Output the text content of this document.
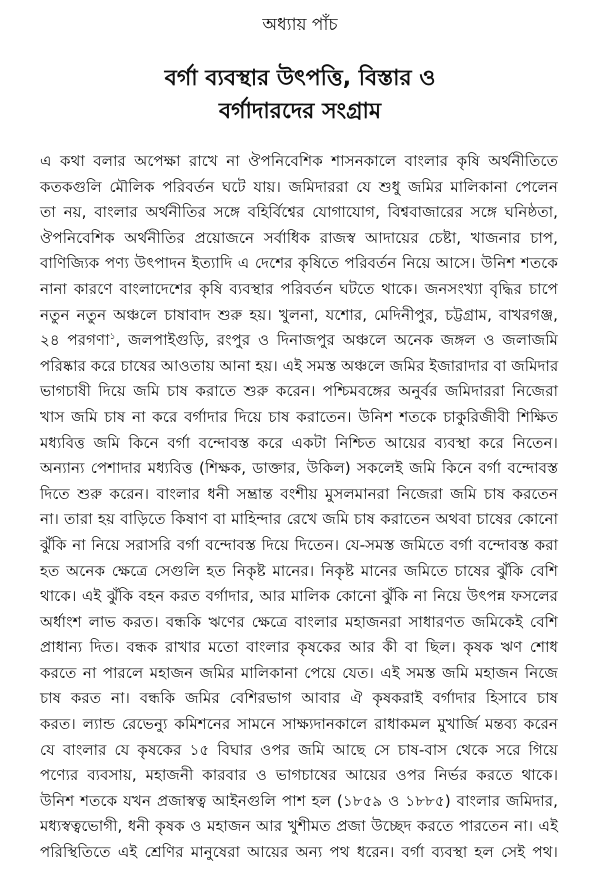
অধ্যায় পাঁচ
বর্গা ব্যবস্থার উৎপত্তি, বিস্তার ও
বর্গাদারদের সংগ্রাম
এ কথা বলার অপেক্ষা রাখে না ঔপনিবেশিক শাসনকালে বাংলার কৃষি অর্থনীতিতে
কতকগুলি মৌলিক পরিবর্তন ঘটে যায়। জমিদাররা যে শুধু জমির মালিকানা পেলেন
তা নয়, বাংলার অর্থনীতির সঙ্গে বহির্বিশ্বের যোগাযোগ, বিশ্ববাজারের সঙ্গে ঘনিষ্ঠতা,
ঔপনিবেশিক অর্থনীতির প্রয়োজনে সর্বাধিক রাজস্ব আদায়ের চেষ্টা, খাজনার চাপ,
বাণিজ্যিক পণ্য উৎপাদন ইত্যাদি এ দেশের কৃষিতে পরিবর্তন নিয়ে আসে। উনিশ শতকে
নানা কারণে বাংলাদেশের কৃষি ব্যবস্থার পরিবর্তন ঘটতে থাকে। জনসংখ্যা বৃদ্ধির চাপে
নতুন নতুন অঞ্চলে চাষাবাদ শুরু হয়। খুলনা, যশোর, মেদিনীপুর, চট্টগ্রাম, বাখরগঞ্জ,
২৪ পরগণা$^১$, জলপাইগুড়ি, রংপুর ও দিনাজপুর অঞ্চলে অনেক জঙ্গল ও জলাজমি
পরিষ্কার করে চাষের আওতায় আনা হয়। এই সমস্ত অঞ্চলে জমির ইজারাদার বা জমিদার
ভাগচাষী দিয়ে জমি চাষ করাতে শুরু করেন। পশ্চিমবঙ্গের অনুর্বর জমিদাররা নিজেরা
খাস জমি চাষ না করে বর্গাদার দিয়ে চাষ করাতেন। উনিশ শতকে চাকুরিজীবী শিক্ষিত
মধ্যবিত্ত জমি কিনে বর্গা বন্দোবস্ত করে একটা নিশ্চিত আয়ের ব্যবস্থা করে নিতেন।
অন্যান্য পেশাদার মধ্যবিত্ত (শিক্ষক, ডাক্তার, উকিল) সকলেই জমি কিনে বর্গা বন্দোবস্ত
দিতে শুরু করেন। বাংলার ধনী সম্ভ্রান্ত বংশীয় মুসলমানরা নিজেরা জমি চাষ করতেন
না। তারা হয় বাড়িতে কিষাণ বা মাহিন্দার রেখে জমি চাষ করাতেন অথবা চাষের কোনো
ঝুঁকি না নিয়ে সরাসরি বর্গা বন্দোবস্ত দিয়ে দিতেন। যে-সমস্ত জমিতে বর্গা বন্দোবস্ত করা
হত অনেক ক্ষেত্রে সেগুলি হত নিকৃষ্ট মানের। নিকৃষ্ট মানের জমিতে চাষের ঝুঁকি বেশি
থাকে। এই ঝুঁকি বহন করত বর্গাদার, আর মালিক কোনো ঝুঁকি না নিয়ে উৎপন্ন ফসলের
অর্ধাংশ লাভ করত। বন্ধকি ঋণের ক্ষেত্রে বাংলার মহাজনরা সাধারণত জমিকেই বেশি
প্রাধান্য দিত। বন্ধক রাখার মতো বাংলার কৃষকের আর কী বা ছিল। কৃষক ঋণ শোধ
করতে না পারলে মহাজন জমির মালিকানা পেয়ে যেত। এই সমস্ত জমি মহাজন নিজে
চাষ করত না। বন্ধকি জমির বেশিরভাগ আবার ঐ কৃষকরাই বর্গাদার হিসাবে চাষ
করত। ল্যান্ড রেভেন্যু কমিশনের সামনে সাক্ষ্যদানকালে রাধাকমল মুখার্জি মন্তব্য করেন
যে বাংলার যে কৃষকের ১৫ বিঘার ওপর জমি আছে সে চাষ-বাস থেকে সরে গিয়ে
পণ্যের ব্যবসায়, মহাজনী কারবার ও ভাগচাষের আয়ের ওপর নির্ভর করতে থাকে।
উনিশ শতকে যখন প্রজাস্বত্ব আইনগুলি পাশ হল (১৮৫৯ ও ১৮৮৫) বাংলার জমিদার,
মধ্যস্বত্বভোগী, ধনী কৃষক ও মহাজন আর খুশীমত প্রজা উচ্ছেদ করতে পারতেন না। এই
পরিস্থিতিতে এই শ্রেণির মানুষেরা আয়ের অন্য পথ ধরেন। বর্গা ব্যবস্থা হল সেই পথ।
